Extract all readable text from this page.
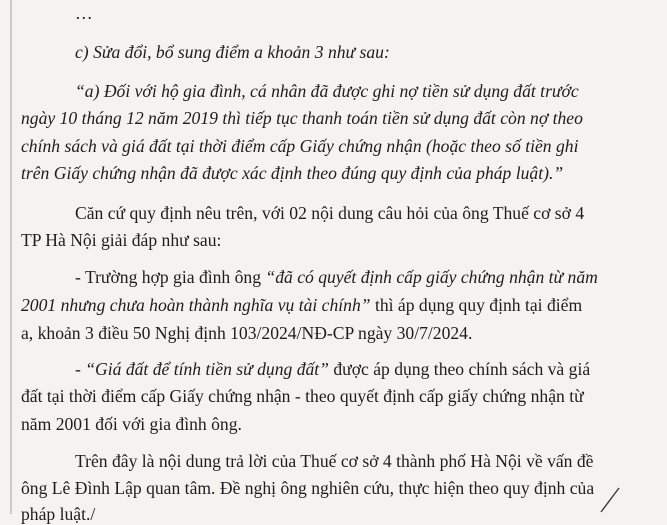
…
c) Sửa đổi, bổ sung điểm a khoản 3 như sau:
“a) Đối với hộ gia đình, cá nhân đã được ghi nợ tiền sử dụng đất trước
ngày 10 tháng 12 năm 2019 thì tiếp tục thanh toán tiền sử dụng đất còn nợ theo
chính sách và giá đất tại thời điểm cấp Giấy chứng nhận (hoặc theo số tiền ghi
trên Giấy chứng nhận đã được xác định theo đúng quy định của pháp luật).”
Căn cứ quy định nêu trên, với 02 nội dung câu hỏi của ông Thuế cơ sở 4
TP Hà Nội giải đáp như sau:
- Trường hợp gia đình ông “đã có quyết định cấp giấy chứng nhận từ năm
2001 nhưng chưa hoàn thành nghĩa vụ tài chính” thì áp dụng quy định tại điểm
a, khoản 3 điều 50 Nghị định 103/2024/NĐ-CP ngày 30/7/2024.
- “Giá đất để tính tiền sử dụng đất” được áp dụng theo chính sách và giá
đất tại thời điểm cấp Giấy chứng nhận - theo quyết định cấp giấy chứng nhận từ
năm 2001 đối với gia đình ông.
Trên đây là nội dung trả lời của Thuế cơ sở 4 thành phố Hà Nội về vấn đề
ông Lê Đình Lập quan tâm. Đề nghị ông nghiên cứu, thực hiện theo quy định của
pháp luật./
